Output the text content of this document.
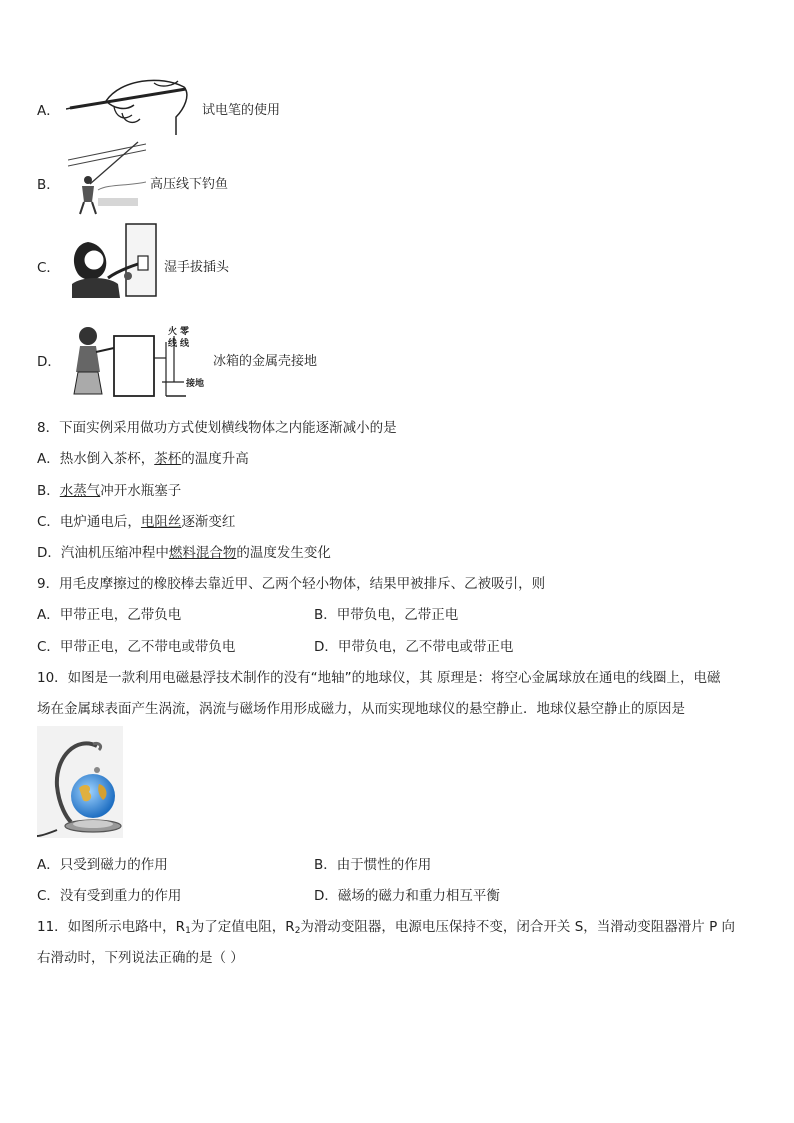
A．	试电笔的使用
B．	高压线下钓鱼
C．	湿手拔插头
D．
火 零
线 线
接地
冰箱的金属壳接地
8．下面实例采用做功方式使划横线物体之内能逐渐减小的是
A．热水倒入茶杯，茶杯的温度升高
B．水蒸气冲开水瓶塞子
C．电炉通电后，电阻丝逐渐变红
D．汽油机压缩冲程中燃料混合物的温度发生变化
9．用毛皮摩擦过的橡胶棒去靠近甲、乙两个轻小物体，结果甲被排斥、乙被吸引，则
A．甲带正电，乙带负电	B．甲带负电，乙带正电
C．甲带正电，乙不带电或带负电	D．甲带负电，乙不带电或带正电
10．如图是一款利用电磁悬浮技术制作的没有“地轴”的地球仪，其 原理是：将空心金属球放在通电的线圈上，电磁
场在金属球表面产生涡流，涡流与磁场作用形成磁力，从而实现地球仪的悬空静止．地球仪悬空静止的原因是
A．只受到磁力的作用	B．由于惯性的作用
C．没有受到重力的作用	D．磁场的磁力和重力相互平衡
11．如图所示电路中，$R_1$为了定值电阻，$R_2$为滑动变阻器，电源电压保持不变，闭合开关 S，当滑动变阻器滑片 P 向
右滑动时，下列说法正确的是（ ）
